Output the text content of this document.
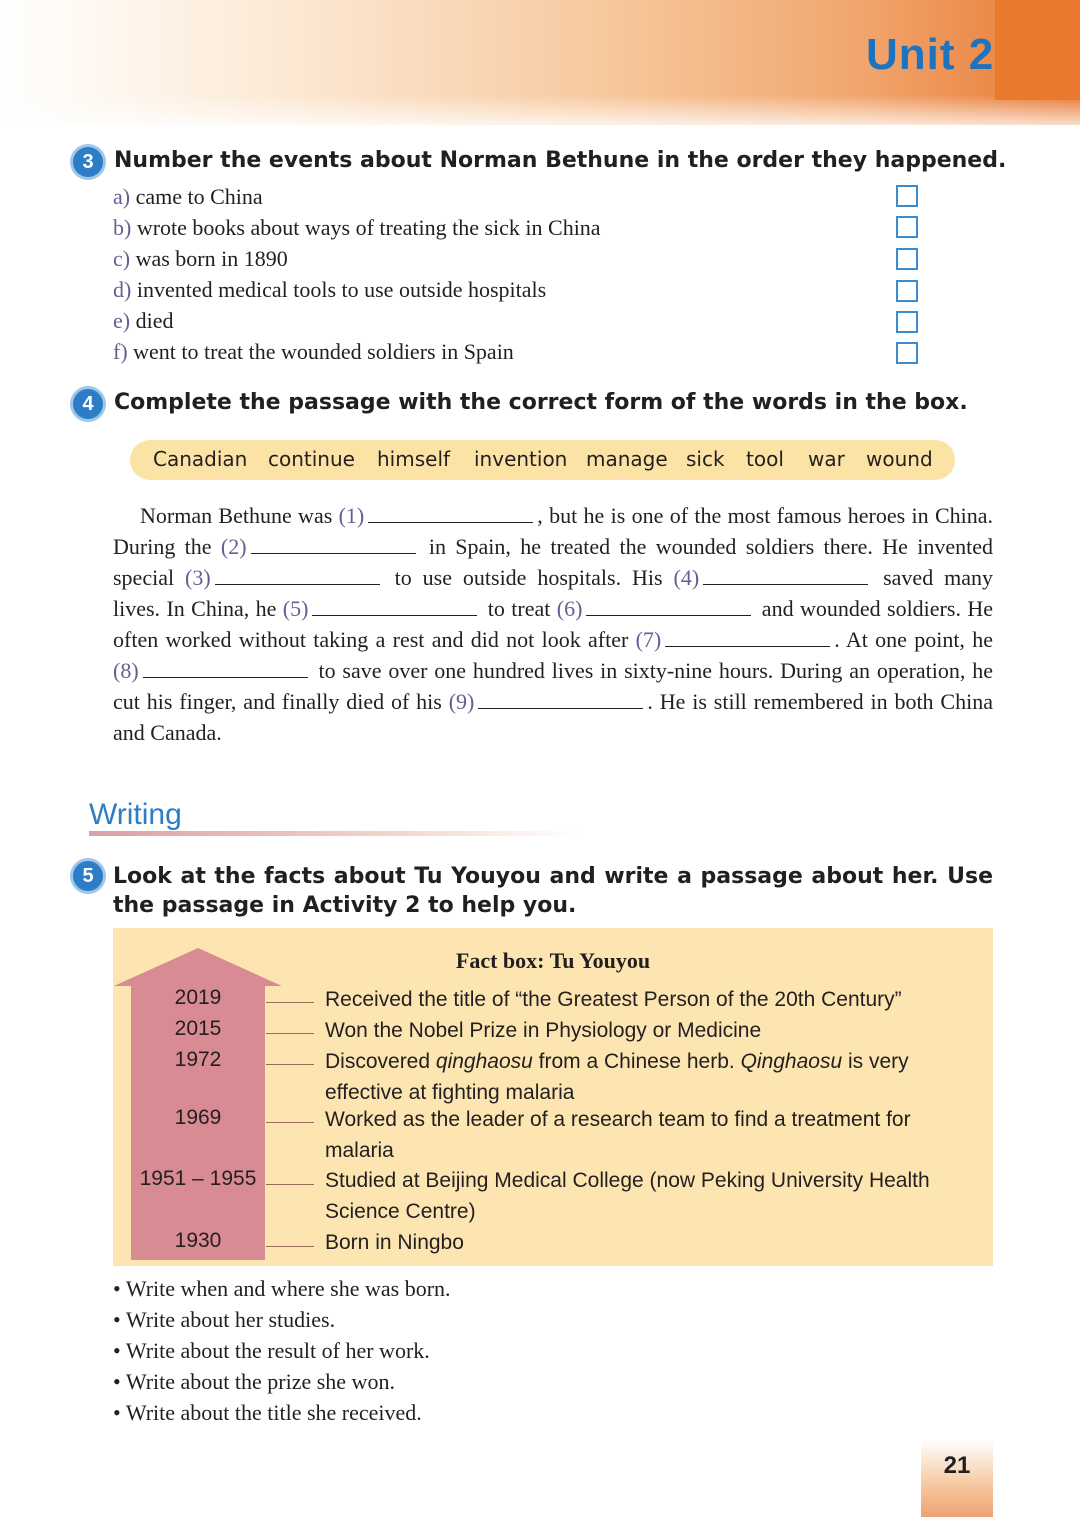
Unit 2
3 Number the events about Norman Bethune in the order they happened.
a) came to China
b) wrote books about ways of treating the sick in China
c) was born in 1890
d) invented medical tools to use outside hospitals
e) died
f) went to treat the wounded soldiers in Spain
4 Complete the passage with the correct form of the words in the box.
Canadian continue himself invention manage sick tool war wound

Norman Bethune was (1)	, but he is one of the most famous heroes in China. During the (2)	in Spain, he treated the wounded soldiers there. He invented special (3)	to use outside hospitals. His (4)	saved many lives. In China, he (5)	to treat (6)	and wounded soldiers. He often worked without taking a rest and did not look after (7)	. At one point, he (8)	to save over one hundred lives in sixty-nine hours. During an operation, he cut his finger, and finally died of his (9)	. He is still remembered in both China and Canada.

Writing
5 Look at the facts about Tu Youyou and write a passage about her. Use the passage in Activity 2 to help you.
Fact box: Tu Youyou
2019	Received the title of “the Greatest Person of the 20th Century”
2015	Won the Nobel Prize in Physiology or Medicine
1972	Discovered qinghaosu from a Chinese herb. Qinghaosu is very effective at fighting malaria
1969	Worked as the leader of a research team to find a treatment for malaria
1951 – 1955	Studied at Beijing Medical College (now Peking University Health Science Centre)
1930	Born in Ningbo
• Write when and where she was born.
• Write about her studies.
• Write about the result of her work.
• Write about the prize she won.
• Write about the title she received.
21
